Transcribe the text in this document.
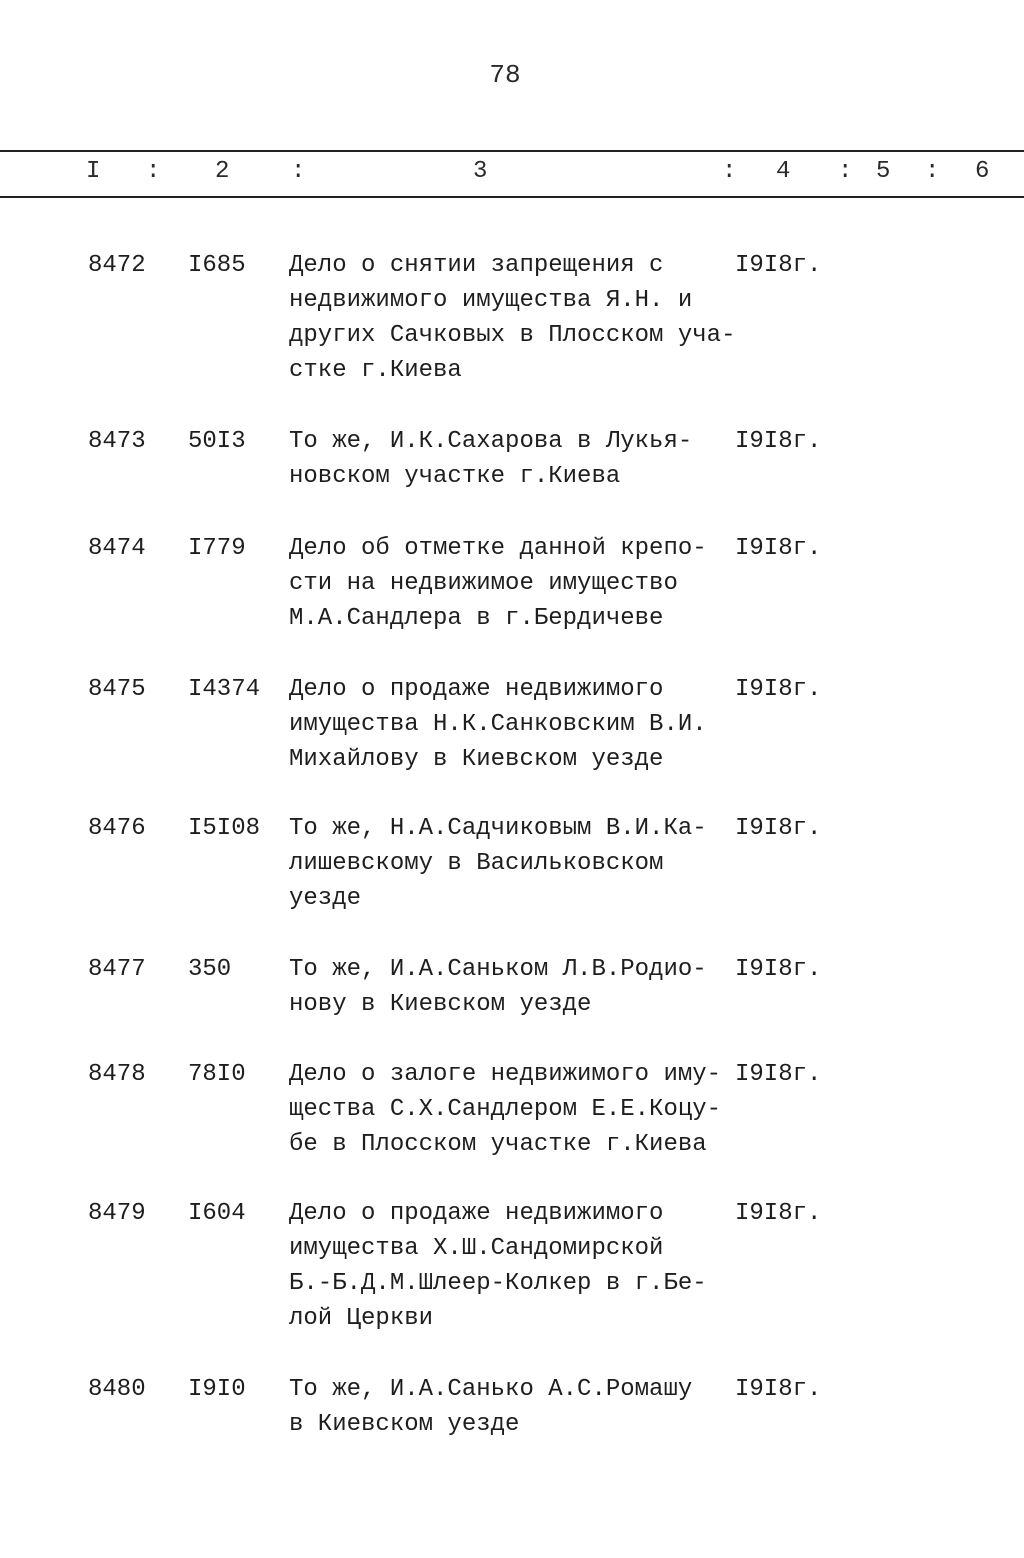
78
I : 2	:	3	: 4 : 5 : 6
8472 I685 Дело о снятии запрещения с
недвижимого имущества Я.Н. и
других Сачковых в Плосском уча-
стке г.Киева
I9I8г.
8473 50I3 То же, И.К.Сахарова в Лукья-
новском участке г.Киева
I9I8г.
8474 I779 Дело об отметке данной крепо-
сти на недвижимое имущество
М.А.Сандлера в г.Бердичеве
I9I8г.
8475 I4374 Дело о продаже недвижимого
имущества Н.К.Санковским В.И.
Михайлову в Киевском уезде
I9I8г.
8476 I5I08 То же, Н.А.Садчиковым В.И.Ка-
лишевскому в Васильковском
уезде
I9I8г.
8477 350 То же, И.А.Саньком Л.В.Родио-
нову в Киевском уезде
I9I8г.
8478 78I0 Дело о залоге недвижимого иму-
щества С.Х.Сандлером Е.Е.Коцу-
бе в Плосском участке г.Киева
I9I8г.
8479 I604 Дело о продаже недвижимого
имущества Х.Ш.Сандомирской
Б.-Б.Д.М.Шлеер-Колкер в г.Бе-
лой Церкви
I9I8г.
8480 I9I0 То же, И.А.Санько А.С.Ромашу
в Киевском уезде
I9I8г.
